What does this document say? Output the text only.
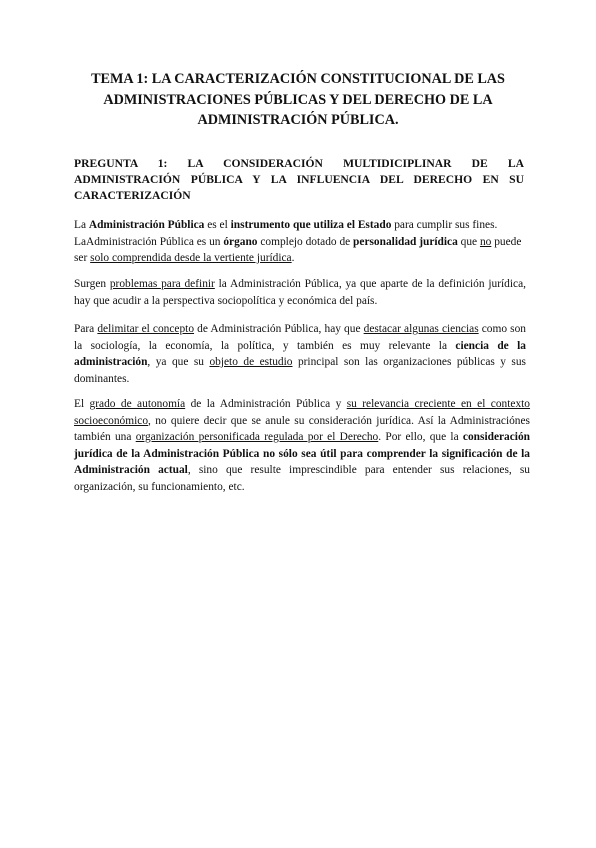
TEMA 1: LA CARACTERIZACIÓN CONSTITUCIONAL DE LAS ADMINISTRACIONES PÚBLICAS Y DEL DERECHO DE LA ADMINISTRACIÓN PÚBLICA.
PREGUNTA 1: LA CONSIDERACIÓN MULTIDICIPLINAR DE LA ADMINISTRACIÓN PÚBLICA Y LA INFLUENCIA DEL DERECHO EN SU CARACTERIZACIÓN

La Administración Pública es el instrumento que utiliza el Estado para cumplir sus fines.
LaAdministración Pública es un órgano complejo dotado de personalidad jurídica que no puede ser solo comprendida desde la vertiente jurídica.

Surgen problemas para definir la Administración Pública, ya que aparte de la definición jurídica, hay que acudir a la perspectiva sociopolítica y económica del país.

Para delimitar el concepto de Administración Pública, hay que destacar algunas ciencias como son la sociología, la economía, la política, y también es muy relevante la ciencia de la administración, ya que su objeto de estudio principal son las organizaciones públicas y sus dominantes.

El grado de autonomía de la Administración Pública y su relevancia creciente en el contexto socioeconómico, no quiere decir que se anule su consideración jurídica. Así la Administraciónes también una organización personificada regulada por el Derecho. Por ello, que la consideración jurídica de la Administración Pública no sólo sea útil para comprender la significación de la Administración actual, sino que resulte imprescindible para entender sus relaciones, su organización, su funcionamiento, etc.
